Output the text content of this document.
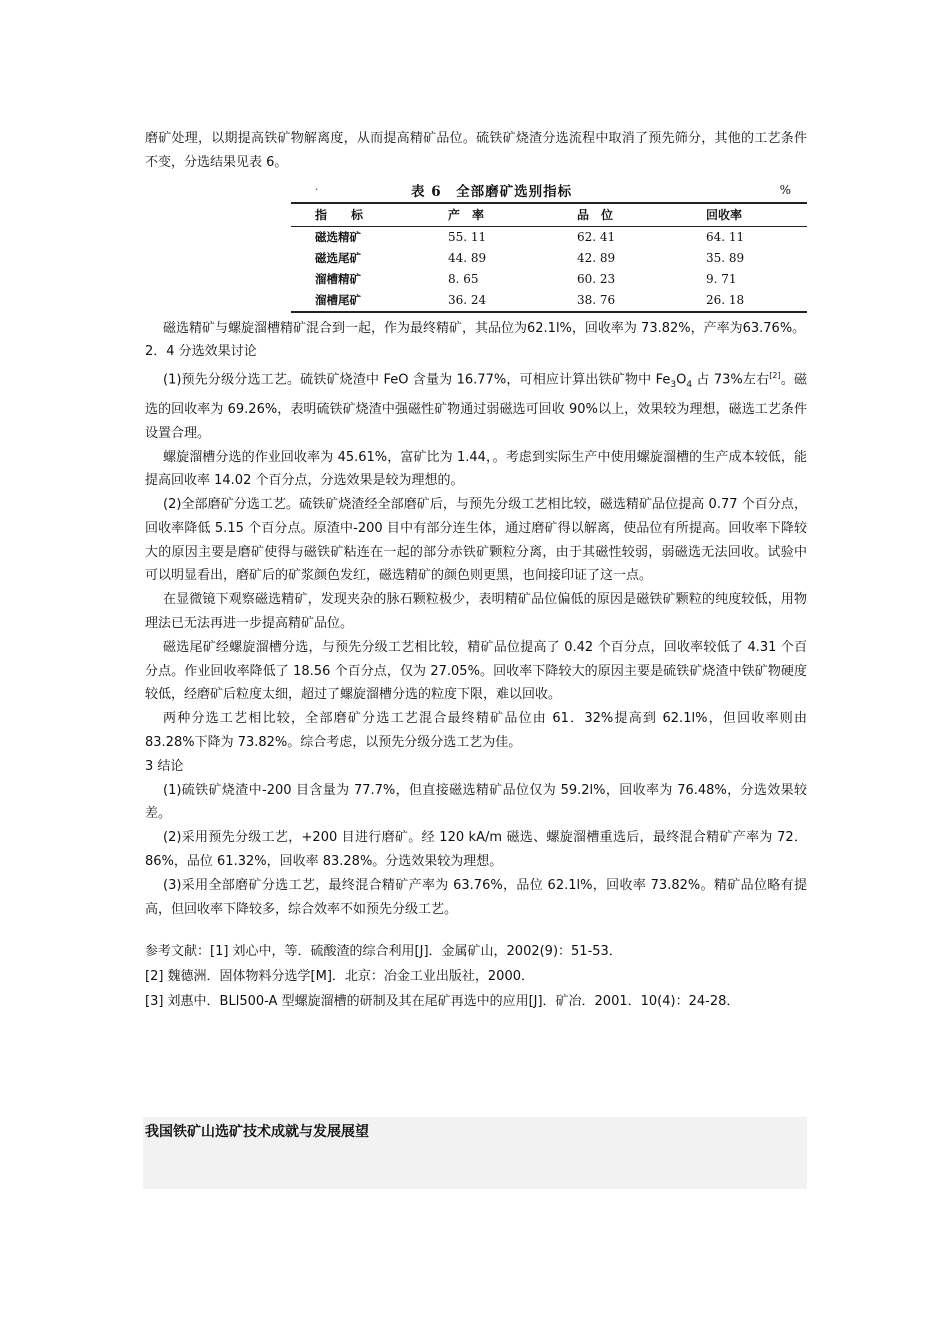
磨矿处理，以期提高铁矿物解离度，从而提高精矿品位。硫铁矿烧渣分选流程中取消了预先筛分，其他的工艺条件不变，分选结果见表 6。

·	表 6　全部磨矿选别指标	%
指　　标	产　率	品　位	回收率
磁选精矿	55. 11	62. 41	64. 11
磁选尾矿	44. 89	42. 89	35. 89
溜槽精矿	8. 65	60. 23	9. 71
溜槽尾矿	36. 24	38. 76	26. 18

磁选精矿与螺旋溜槽精矿混合到一起，作为最终精矿，其品位为62.1l%，回收率为 73.82%，产率为63.76%。

2．4 分选效果讨论

(1)预先分级分选工艺。硫铁矿烧渣中 FeO 含量为 16.77%，可相应计算出铁矿物中 $Fe_3O_4$ 占 73%左右[2]。磁选的回收率为 69.26%，表明硫铁矿烧渣中强磁性矿物通过弱磁选可回收 90%以上，效果较为理想，磁选工艺条件设置合理。

螺旋溜槽分选的作业回收率为 45.61%，富矿比为 1.44，。考虑到实际生产中使用螺旋溜槽的生产成本较低，能提高回收率 14.02 个百分点，分选效果是较为理想的。

(2)全部磨矿分选工艺。硫铁矿烧渣经全部磨矿后，与预先分级工艺相比较，磁选精矿品位提高 0.77 个百分点，回收率降低 5.15 个百分点。原渣中-200 目中有部分连生体，通过磨矿得以解离，使品位有所提高。回收率下降较大的原因主要是磨矿使得与磁铁矿粘连在一起的部分赤铁矿颗粒分离，由于其磁性较弱，弱磁选无法回收。试验中可以明显看出，磨矿后的矿浆颜色发红，磁选精矿的颜色则更黑，也间接印证了这一点。

在显微镜下观察磁选精矿，发现夹杂的脉石颗粒极少，表明精矿品位偏低的原因是磁铁矿颗粒的纯度较低，用物理法已无法再进一步提高精矿品位。

磁选尾矿经螺旋溜槽分选，与预先分级工艺相比较，精矿品位提高了 0.42 个百分点，回收率较低了 4.31 个百分点。作业回收率降低了 18.56 个百分点，仅为 27.05%。回收率下降较大的原因主要是硫铁矿烧渣中铁矿物硬度较低，经磨矿后粒度太细，超过了螺旋溜槽分选的粒度下限，难以回收。

两种分选工艺相比较，全部磨矿分选工艺混合最终精矿品位由 61．32%提高到 62.1l%，但回收率则由 83.28%下降为 73.82%。综合考虑，以预先分级分选工艺为佳。

3 结论

(1)硫铁矿烧渣中-200 目含量为 77.7%，但直接磁选精矿品位仅为 59.2l%，回收率为 76.48%，分选效果较差。

(2)采用预先分级工艺，+200 目进行磨矿。经 120 kA/m 磁选、螺旋溜槽重选后，最终混合精矿产率为 72．86%，品位 61.32%，回收率 83.28%。分选效果较为理想。

(3)采用全部磨矿分选工艺，最终混合精矿产率为 63.76%，品位 62.1l%，回收率 73.82%。精矿品位略有提高，但回收率下降较多，综合效率不如预先分级工艺。

参考文献：[1] 刘心中，等．硫酸渣的综合利用[J]．金属矿山，2002(9)：51-53．

[2] 魏德洲．固体物料分选学[M]．北京：冶金工业出版社，2000．

[3] 刘惠中．BLl500-A 型螺旋溜槽的研制及其在尾矿再选中的应用[J]．矿冶．2001．10(4)：24-28．

我国铁矿山选矿技术成就与发展展望
